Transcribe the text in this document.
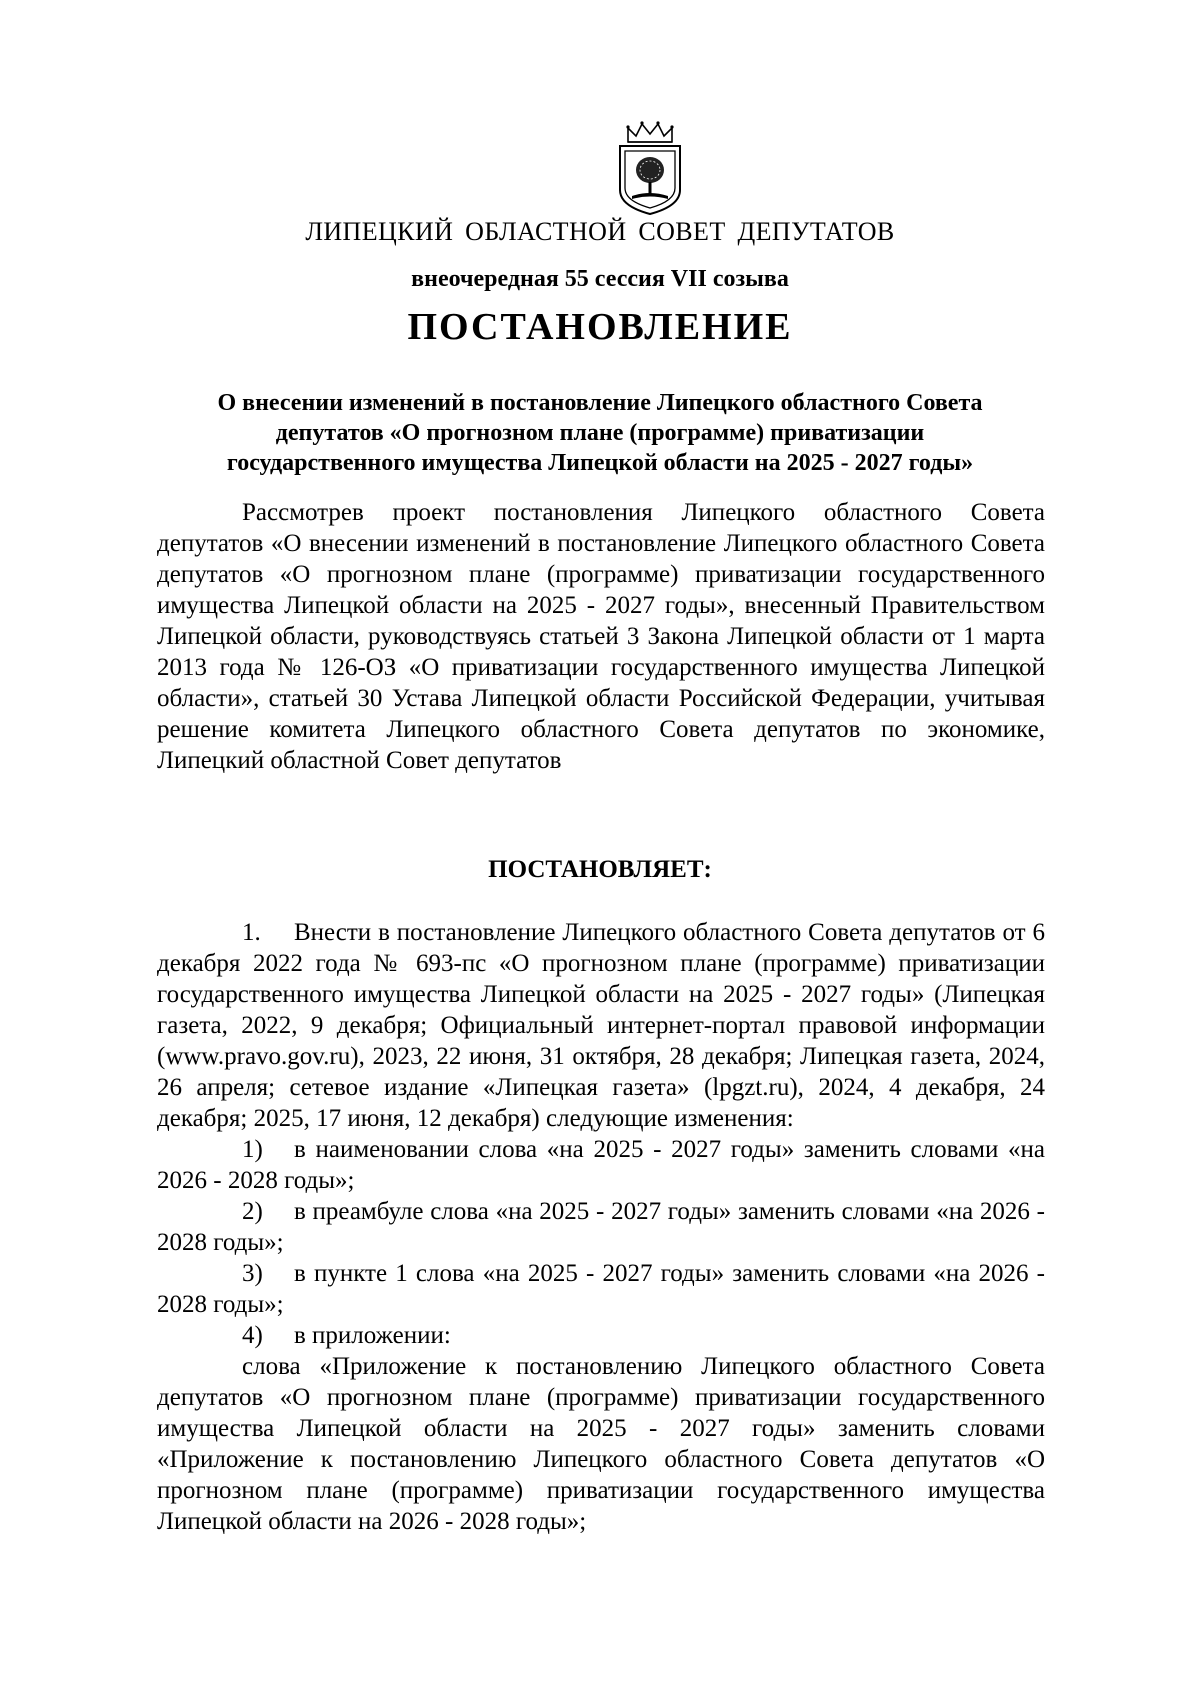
ЛИПЕЦКИЙ ОБЛАСТНОЙ СОВЕТ ДЕПУТАТОВ
внеочередная 55 сессия VII созыва
ПОСТАНОВЛЕНИЕ
О внесении изменений в постановление Липецкого областного Совета
депутатов «О прогнозном плане (программе) приватизации
государственного имущества Липецкой области на 2025 - 2027 годы»
Рассмотрев проект постановления Липецкого областного Совета депутатов «О внесении изменений в постановление Липецкого областного Совета депутатов «О прогнозном плане (программе) приватизации государственного имущества Липецкой области на 2025 - 2027 годы», внесенный Правительством Липецкой области, руководствуясь статьей 3 Закона Липецкой области от 1 марта 2013 года № 126-ОЗ «О приватизации государственного имущества Липецкой области», статьей 30 Устава Липецкой области Российской Федерации, учитывая решение комитета Липецкого областного Совета депутатов по экономике, Липецкий областной Совет депутатов
ПОСТАНОВЛЯЕТ:
1. Внести в постановление Липецкого областного Совета депутатов от 6 декабря 2022 года № 693-пс «О прогнозном плане (программе) приватизации государственного имущества Липецкой области на 2025 - 2027 годы» (Липецкая газета, 2022, 9 декабря; Официальный интернет-портал правовой информации (www.pravo.gov.ru), 2023, 22 июня, 31 октября, 28 декабря; Липецкая газета, 2024, 26 апреля; сетевое издание «Липецкая газета» (lpgzt.ru), 2024, 4 декабря, 24 декабря; 2025, 17 июня, 12 декабря) следующие изменения:
1) в наименовании слова «на 2025 - 2027 годы» заменить словами «на 2026 - 2028 годы»;
2) в преамбуле слова «на 2025 - 2027 годы» заменить словами «на 2026 - 2028 годы»;
3) в пункте 1 слова «на 2025 - 2027 годы» заменить словами «на 2026 - 2028 годы»;
4) в приложении:
слова «Приложение к постановлению Липецкого областного Совета депутатов «О прогнозном плане (программе) приватизации государственного имущества Липецкой области на 2025 - 2027 годы» заменить словами «Приложение к постановлению Липецкого областного Совета депутатов «О прогнозном плане (программе) приватизации государственного имущества Липецкой области на 2026 - 2028 годы»;
